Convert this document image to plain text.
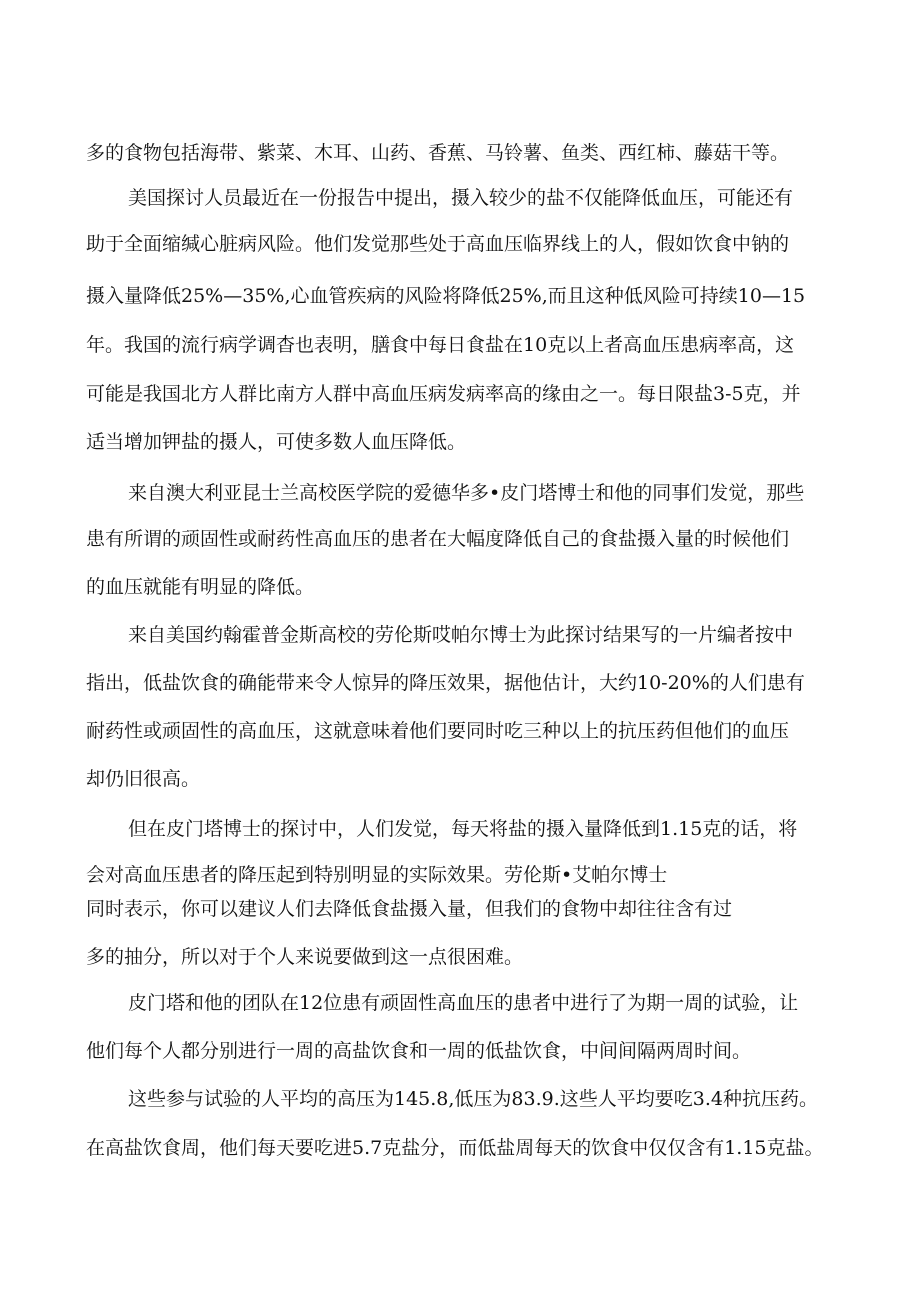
多的食物包括海带、紫菜、木耳、山药、香蕉、马铃薯、鱼类、西红柿、藤菇干等。
美国探讨人员最近在一份报告中提出，摄入较少的盐不仅能降低血压，可能还有
助于全面缩缄心脏病风险。他们发觉那些处于高血压临界线上的人，假如饮食中钠的
摄入量降低25%—35%,心血管疾病的风险将降低25%,而且这种低风险可持续10—15
年。我国的流行病学调杳也表明，膳食中每日食盐在10克以上者高血压患病率高，这
可能是我国北方人群比南方人群中高血压病发病率高的缘由之一。每日限盐3-5克，并
适当增加钾盐的摄人，可使多数人血压降低。
来自澳大利亚昆士兰高校医学院的爱德华多•皮门塔博士和他的同事们发觉，那些
患有所谓的顽固性或耐药性高血压的患者在大幅度降低自己的食盐摄入量的时候他们
的血压就能有明显的降低。
来自美国约翰霍普金斯高校的劳伦斯哎帕尔博士为此探讨结果写的一片编者按中
指出，低盐饮食的确能带来令人惊异的降压效果，据他估计，大约10-20%的人们患有
耐药性或顽固性的高血压，这就意味着他们要同时吃三种以上的抗压药但他们的血压
却仍旧很高。
但在皮门塔博士的探讨中，人们发觉，每天将盐的摄入量降低到1.15克的话，将
会对高血压患者的降压起到特别明显的实际效果。劳伦斯•艾帕尔博士
同时表示，你可以建议人们去降低食盐摄入量，但我们的食物中却往往含有过
多的抽分，所以对于个人来说要做到这一点很困难。
皮门塔和他的团队在12位患有顽固性高血压的患者中进行了为期一周的试验，让
他们每个人都分别进行一周的高盐饮食和一周的低盐饮食，中间间隔两周时间。
这些参与试验的人平均的高压为145.8,低压为83.9.这些人平均要吃3.4种抗压药。
在高盐饮食周，他们每天要吃进5.7克盐分，而低盐周每天的饮食中仅仅含有1.15克盐。
